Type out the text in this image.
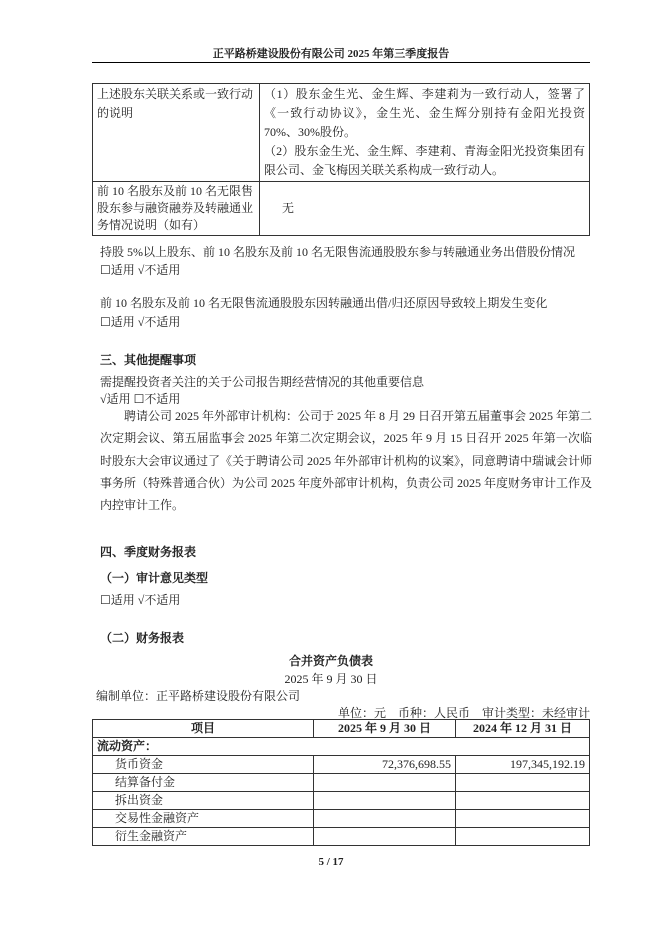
正平路桥建设股份有限公司 2025 年第三季度报告
上述股东关联关系或一致行动的说明	（1）股东金生光、金生辉、李建莉为一致行动人，签署了《一致行动协议》，金生光、金生辉分别持有金阳光投资 70%、30%股份。
（2）股东金生光、金生辉、李建莉、青海金阳光投资集团有限公司、金飞梅因关联关系构成一致行动人。

前 10 名股东及前 10 名无限售股东参与融资融券及转融通业务情况说明（如有）	无
持股 5%以上股东、前 10 名股东及前 10 名无限售流通股股东参与转融通业务出借股份情况
☐适用 √不适用
前 10 名股东及前 10 名无限售流通股股东因转融通出借/归还原因导致较上期发生变化
☐适用 √不适用
三、其他提醒事项
需提醒投资者关注的关于公司报告期经营情况的其他重要信息
√适用 ☐不适用
聘请公司 2025 年外部审计机构：公司于 2025 年 8 月 29 日召开第五届董事会 2025 年第二次定期会议、第五届监事会 2025 年第二次定期会议，2025 年 9 月 15 日召开 2025 年第一次临时股东大会审议通过了《关于聘请公司 2025 年外部审计机构的议案》，同意聘请中瑞诚会计师事务所（特殊普通合伙）为公司 2025 年度外部审计机构，负责公司 2025 年度财务审计工作及内控审计工作。
四、季度财务报表
（一）审计意见类型
☐适用 √不适用
（二）财务报表
合并资产负债表
2025 年 9 月 30 日
编制单位：正平路桥建设股份有限公司
单位：元　币种：人民币　审计类型：未经审计
项目	2025 年 9 月 30 日	2024 年 12 月 31 日
流动资产：		
货币资金	72,376,698.55	197,345,192.19
结算备付金		
拆出资金		
交易性金融资产		
衍生金融资产		
5 / 17
